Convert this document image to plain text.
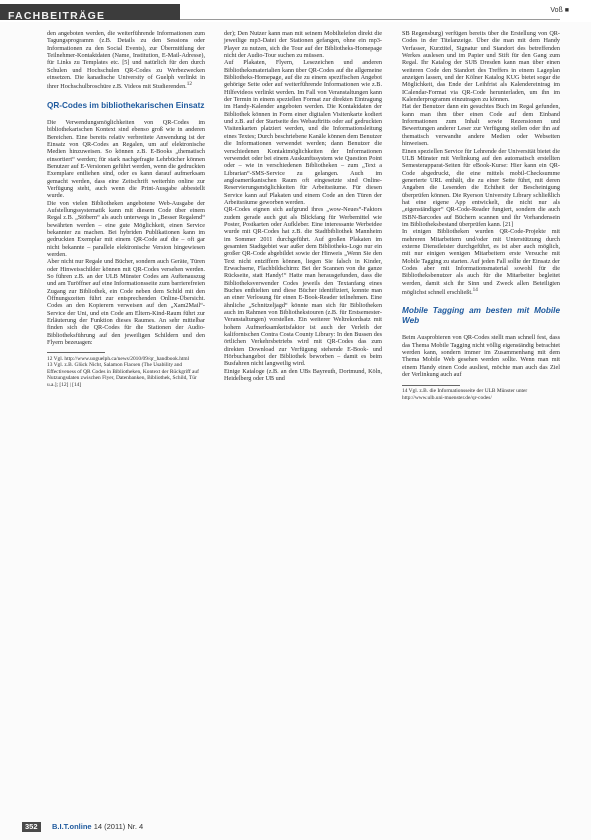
FACHBEITRÄGE	Voß ■

den angeboten werden, die weiterführende Informationen zum Tagungsprogramm (z.B. Details zu den Sessions oder Informationen zu den Social Events), zur Übermittlung der Teilnehmer-Kontaktdaten (Name, Institution, E-Mail-Adresse), für Links zu Templates etc. [5] und natürlich für den durch Schulen und Hochschulen QR-Codes zu Werbezwecken einsetzen. Die kanadische University of Guelph verlinkt in ihrer Hochschulbroschüre z.B. Videos mit Studierenden.$^{12}$

QR-Codes im bibliothekarischen Einsatz

Die Verwendungsmöglichkeiten von QR-Codes im bibliothekarischen Kontext sind ebenso groß wie in anderen Bereichen. Eine bereits relativ verbreitete Anwendung ist der Einsatz von QR-Codes an Regalen, um auf elektronische Medien hinzuweisen. So können z.B. E-Books „thematisch einsortiert“ werden; für stark nachgefragte Lehrbücher können Benutzer auf E-Versionen geführt werden, wenn die gedruckten Exemplare entliehen sind, oder es kann darauf aufmerksam gemacht werden, dass eine Zeitschrift weiterhin online zur Verfügung steht, auch wenn die Print-Ausgabe abbestellt wurde.

Die von vielen Bibliotheken angebotene Web-Ausgabe der Aufstellungssystematik kann mit diesem Code über einem Regal z.B. „Stöbern“ als auch unterwegs in „Besser Regalend“ bewährten werden – eine gute Möglichkeit, einen Service bekannter zu machen. Bei hybriden Publikationen kann im gedruckten Exemplar mit einem QR-Code auf die – oft gar nicht bekannte – parallele elektronische Version hingewiesen werden.

Aber nicht nur Regale und Bücher, sondern auch Geräte, Türen oder Hinweisschilder können mit QR-Codes versehen werden. So führen z.B. an der ULB Münster Codes am Auftenauszug und am Turöffner auf eine Informationsseite zum barrierefreien Zugang zur Bibliothek, ein Code neben dem Schild mit den Öffnungszeiten führt zur entsprechenden Online-Übersicht. Codes an den Kopierern verweisen auf den „Xam2Mail“-Service der Uni, und ein Code am Eltern-Kind-Raum führt zur Erläuterung der Funktion dieses Raumes. An sehr mittelbar finden sich die QR-Codes für die Stationen der Audio-Bibliotheksführung auf den jeweiligen Schildern und den Flyern bezeuagen:

12 Vgl. http://www.uoguelph.ca/news/2010/09/qr_handbook.html

13 Vgl. z.B. Glück Nicht, Salamon Flacsen (The Usability and Effectiveness of QR Codes in Bibliotheken, Kontext der Rückgriff auf Nutzungsdaten zwischen Flyer, Datenbanken, Bibliothek, Schild, Tür u.a.]; [12] | [14]

der); Den Nutzer kann man mit seinem Mobiltelefon direkt die jeweilige mp3-Datei der Stationen gefangen, ohne ein mp3-Player zu nutzen, sich die Tour auf der Bibliotheks-Homepage nicht der Audio-Tour suchen zu müssen.

Auf Plakaten, Flyern, Lesezeichen und anderen Bibliotheksmaterialien kann über QR-Codes auf die allgemeine Bibliotheks-Homepage, auf die zu einem spezifischen Angebot gehörige Seite oder auf weiterführende Informationen wie z.B. Hilfevideos verlinkt werden. Im Fall von Veranstaltungen kann der Termin in einem speziellen Format zur direkten Eintragung im Handy-Kalender angeboten werden. Die Kontaktdaten der Bibliothek können in Form einer digitalen Visitenkarte kodiert und z.B. auf der Startseite des Webauftritts oder auf gedruckten Visitenkarten platziert werden, und die Informationsleitung eines Textes; Durch beschriebene Kanäle können dem Benutzer die Informationen verwendet werden; dann Benutzer die verschiedenen Kontaktmöglichkeiten der Informationen verwendet oder bei einem Auskunftssystem wie Question Point oder – wie in verschiedenen Bibliotheken – zum „Text a Librarian“-SMS-Service zu gelangen. Auch im angloamerikanischen Raum oft eingesetzte sind Online-Reservierungsmöglichkeiten für Arbeitsräume. Für diesen Service kann auf Plakaten und einem Code an den Türen der Arbeitsräume geworben werden.

QR-Codes eignen sich aufgrund ihres „wow-Neues“-Faktors zudem gerade auch gut als Blickfang für Werbemittel wie Poster, Postkarten oder Aufkleber. Eine interessante Werbeidee wurde mit QR-Codes hat z.B. die Stadtbibliothek Mannheim im Sommer 2011 durchgeführt. Auf großen Plakaten im gesamten Stadtgebiet war außer dem Bibliotheks-Logo nur ein großer QR-Code abgebildet sowie der Hinweis „Wenn Sie den Text nicht entziffern können, liegen Sie falsch in Kinder, Erwachsene, Flachbildschirm: Bei der Scannen von die ganze Rückseite, statt Handy!“ Hatte man herausgefunden, dass die Bibliotheksverwender Codes jeweils den Textanfang eines Buches enthielten und diese Bücher identifiziert, konnte man an einer Verlosung für einen E-Book-Reader teilnehmen. Eine ähnliche „Schnitzeljagd“ könnte man sich für Bibliotheken auch im Rahmen von Bibliothekstouren (z.B. für Erstsemester-Veranstaltungen) vorstellen. Ein weiterer Weltrekordsatz mit hohem Aufmerksamkeitsfaktor ist auch der Verleih der kalifornischen Contra Costa County Library: In den Bussen des örtlichen Verkehrsbetriebs wird mit QR-Codes das zum direkten Download zur Verfügung stehende E-Book- und Hörbuchangebot der Bibliothek beworben – damit es beim Busfahren nicht langweilig wird.

Einige Kataloge (z.B. an den UBs Bayreuth, Dortmund, Köln, Heidelberg oder UB und

SB Regensburg) verfügen bereits über die Erstellung von QR-Codes in der Titelanzeige. Über die man mit dem Handy Verfasser, Kurztitel, Signatur und Standort des betreffenden Werkes auslesen und im Papier und Stift für den Gang zum Regal. Ihr Katalog der SUB Dresden kann man über einen weiteren Code den Standort des Treffers in einem Lageplan anzeigen lassen, und der Kölner Katalog KUG bietet sogar die Möglichkeit, das Ende der Leihfrist als Kalendereintrag im ICalendar-Format via QR-Code herunterladen, um ihn im Kalenderprogramm einzutragen zu können.

Hat der Benutzer dann ein gesuchtes Buch im Regal gefunden, kann man ihm über einen Code auf dem Einband Informationen zum Inhalt sowie Rezensionen und Bewertungen anderer Leser zur Verfügung stellen oder ihn auf thematisch verwandte andere Medien oder Webseiten hinweisen.

Einen speziellen Service für Lehrende der Universität bietet die ULB Münster mit Verlinkung auf den automatisch erstellten Semesterapparat-Seiten für eBook-Kurse: Hier kann ein QR-Code abgedruckt, die eine mittels mobil-Checksumme generierte URL enthält, die zu einer Seite führt, mit deren Angaben die Lesenden die Echtheit der Bescheinigung überprüfen können. Die Ryerson University Library schließlich hat eine eigene App entwickelt, die nicht nur als „eigenständiger“ QR-Code-Reader fungiert, sondern die auch ISBN-Barcodes auf Büchern scannen und ihr Vorhandensein im Bibliotheksbestand überprüfen kann. [21]

In einigen Bibliotheken wurden QR-Code-Projekte mit mehreren Mitarbeitern und/oder mit Unterstützung durch externe Dienstleister durchgeführt, es ist aber auch möglich, mit nur einigen wenigen Mitarbeitern erste Versuche mit Mobile Tagging zu starten. Auf jeden Fall sollte der Einsatz der Codes aber mit Informationsmaterial sowohl für die Bibliotheksbenutzer als auch für die Mitarbeiter begleitet werden, damit sich ihr Sinn und Zweck allen Beteiligten möglichst schnell erschließt.$^{14}$

Mobile Tagging am besten mit Mobile Web

Beim Ausprobieren von QR-Codes stellt man schnell fest, dass das Thema Mobile Tagging nicht völlig eigenständig betrachtet werden kann, sondern immer im Zusammenhang mit dem Thema Mobile Web gesehen werden sollte. Wenn man mit einem Handy einen Code ausliest, möchte man auch das Ziel der Verlinkung auch auf

14 Vgl. z.B. die Informationsseite der ULB Münster unter http://www.ulb.uni-muenster.de/qr-codes/

352	B.I.T.online 14 (2011) Nr. 4
